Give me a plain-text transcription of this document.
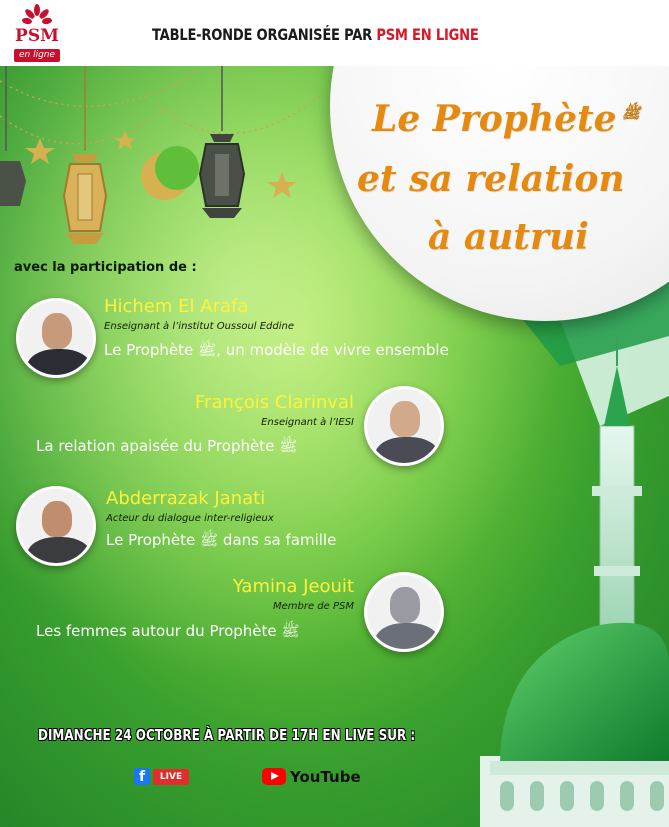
PSM
en ligne
TABLE-RONDE ORGANISÉE PAR PSM EN LIGNE
Le Prophète $^ﷺ$
et sa relation
à autrui
avec la participation de :
Hichem El Arafa
Enseignant à l’institut Oussoul Eddine
Le Prophète ﷺ, un modèle de vivre ensemble
François Clarinval
Enseignant à l’IESI
La relation apaisée du Prophète ﷺ
Abderrazak Janati
Acteur du dialogue inter-religieux
Le Prophète ﷺ dans sa famille
Yamina Jeouit
Membre de PSM
Les femmes autour du Prophète ﷺ
DIMANCHE 24 OCTOBRE À PARTIR DE 17H EN LIVE SUR :
f	LIVE	YouTube
